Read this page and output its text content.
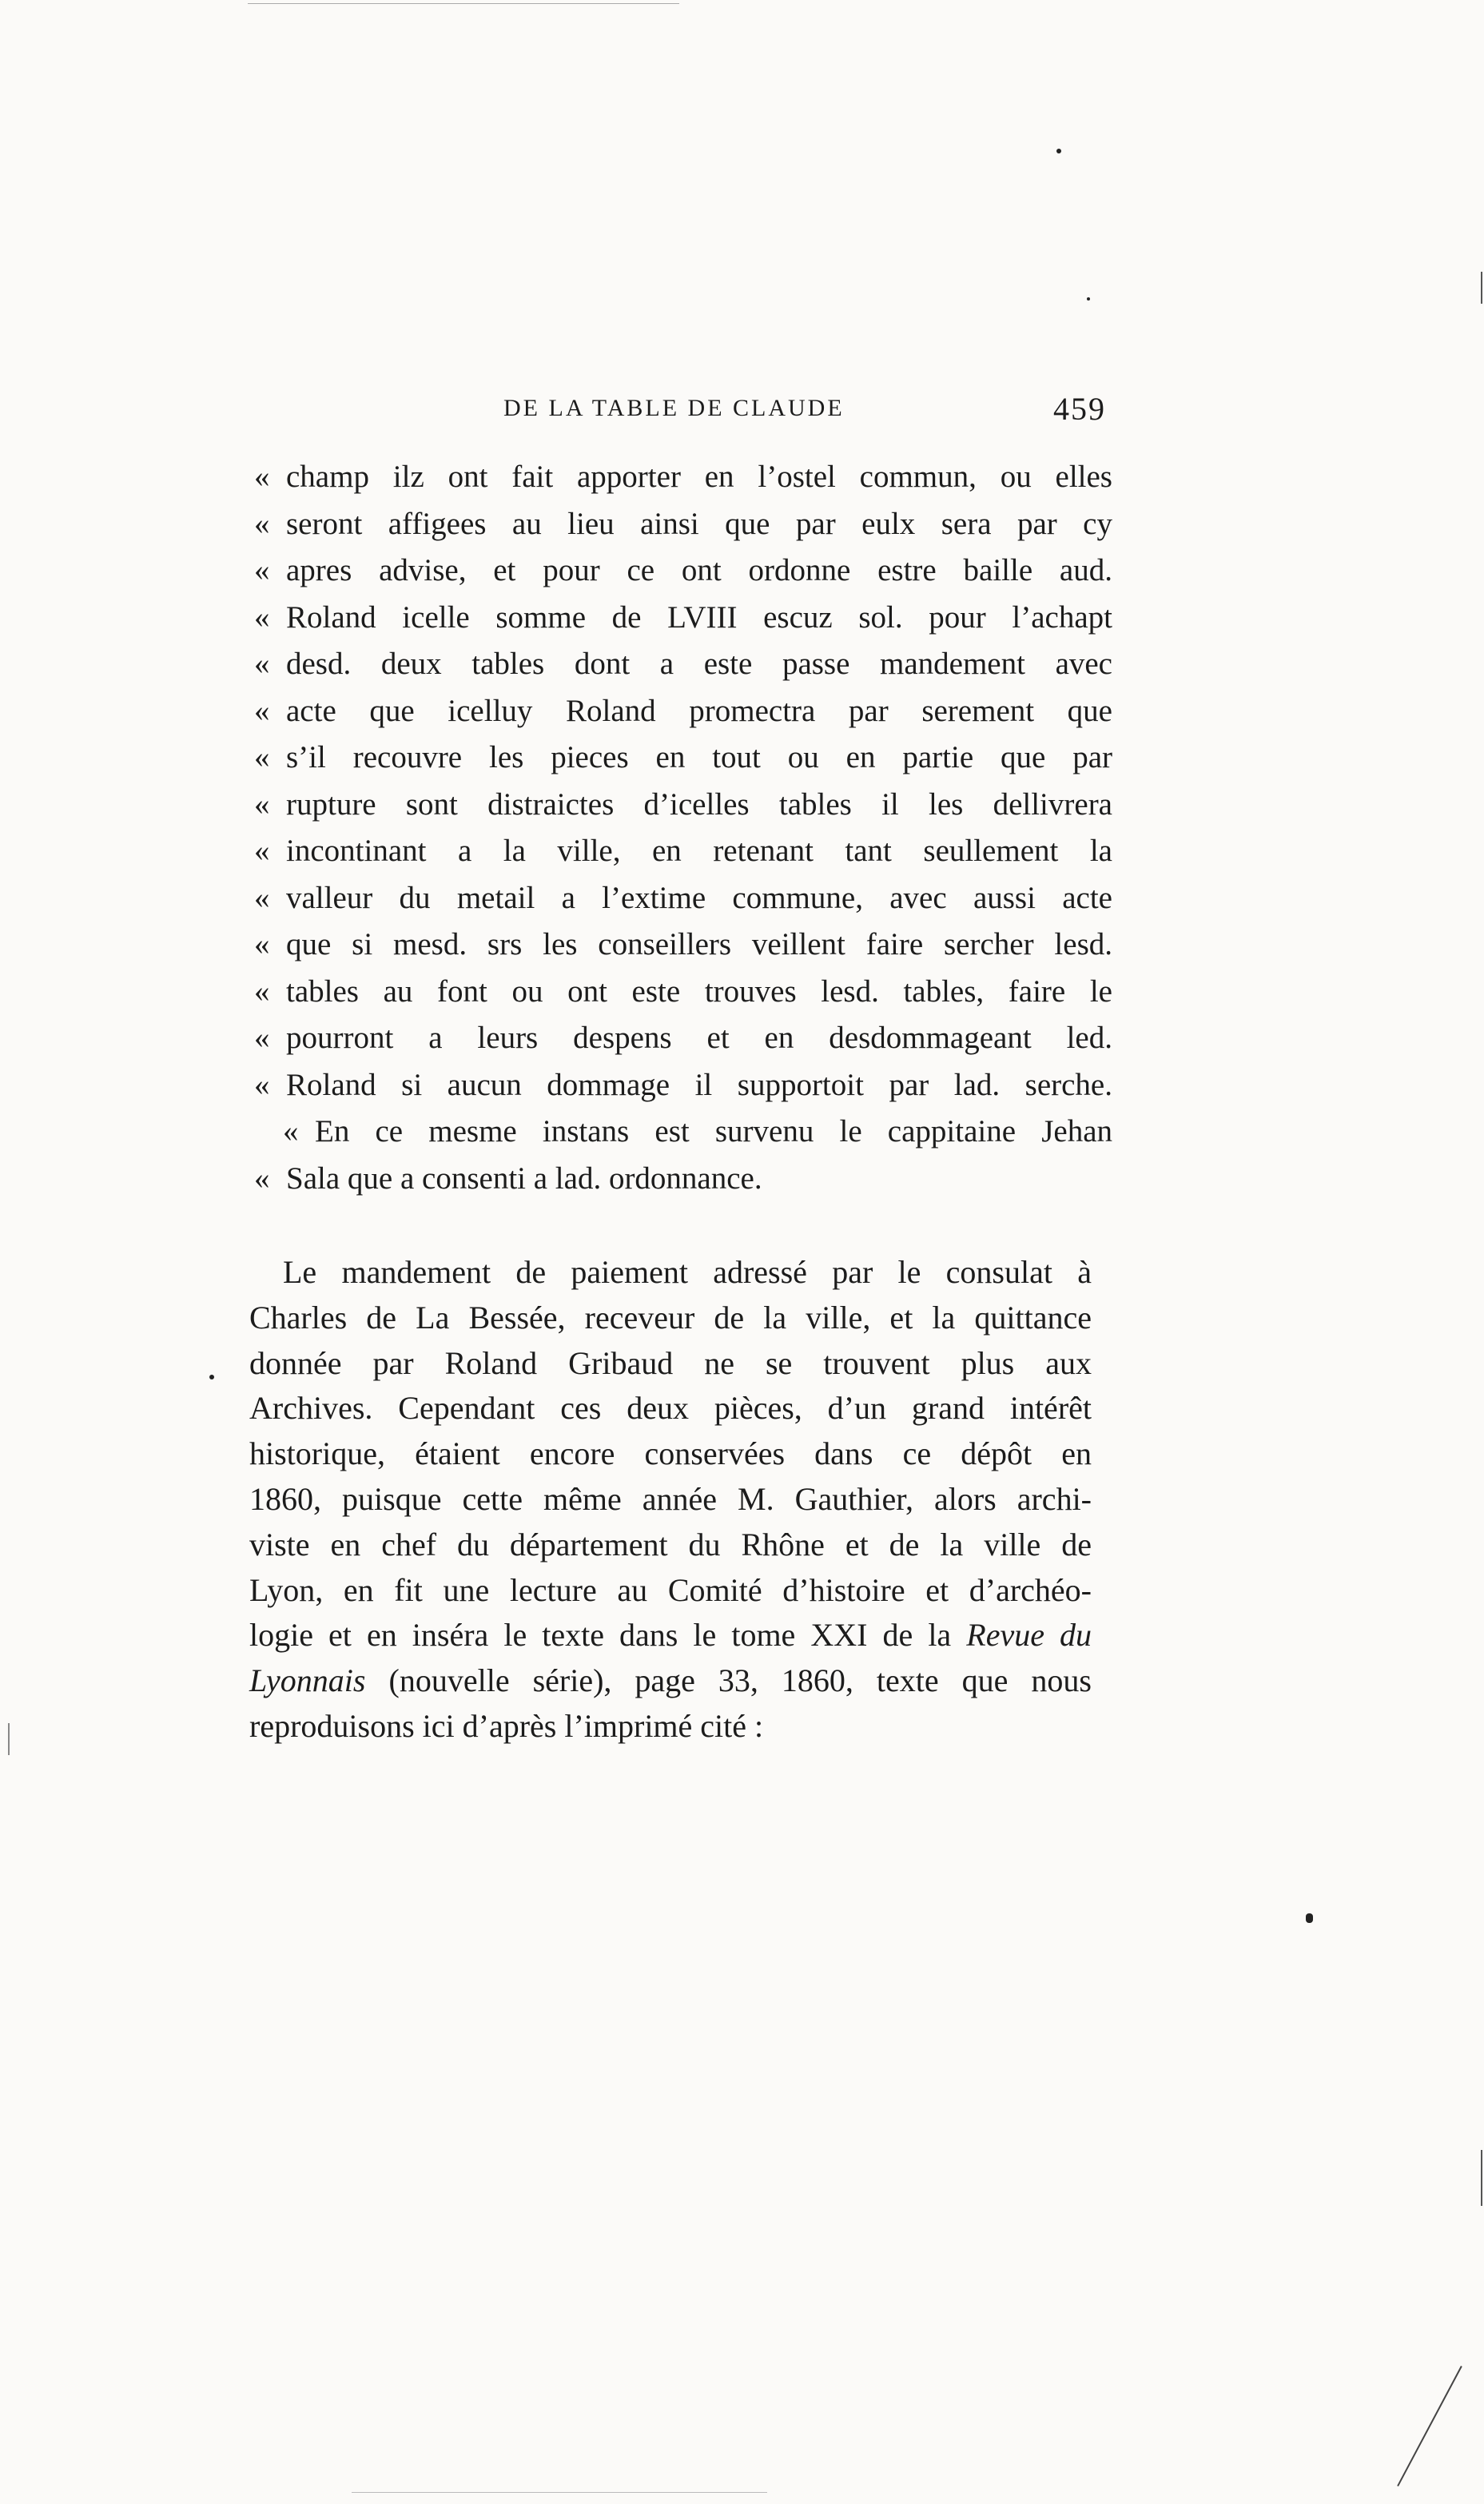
DE LA TABLE DE CLAUDE	459
« champ ilz ont fait apporter en l’ostel commun, ou elles
« seront affigees au lieu ainsi que par eulx sera par cy
« apres advise, et pour ce ont ordonne estre baille aud.
« Roland icelle somme de LVIII escuz sol. pour l’achapt
« desd. deux tables dont a este passe mandement avec
« acte que icelluy Roland promectra par serement que
« s’il recouvre les pieces en tout ou en partie que par
« rupture sont distraictes d’icelles tables il les dellivrera
« incontinant a la ville, en retenant tant seullement la
« valleur du metail a l’extime commune, avec aussi acte
« que si mesd. srs les conseillers veillent faire sercher lesd.
« tables au font ou ont este trouves lesd. tables, faire le
« pourront a leurs despens et en desdommageant led.
« Roland si aucun dommage il supportoit par lad. serche.
« En ce mesme instans est survenu le cappitaine Jehan
« Sala que a consenti a lad. ordonnance.
Le mandement de paiement adressé par le consulat à
Charles de La Bessée, receveur de la ville, et la quittance
donnée par Roland Gribaud ne se trouvent plus aux
Archives. Cependant ces deux pièces, d’un grand intérêt
historique, étaient encore conservées dans ce dépôt en
1860, puisque cette même année M. Gauthier, alors archi-
viste en chef du département du Rhône et de la ville de
Lyon, en fit une lecture au Comité d’histoire et d’archéo-
logie et en inséra le texte dans le tome XXI de la Revue du
Lyonnais (nouvelle série), page 33, 1860, texte que nous
reproduisons ici d’après l’imprimé cité :
